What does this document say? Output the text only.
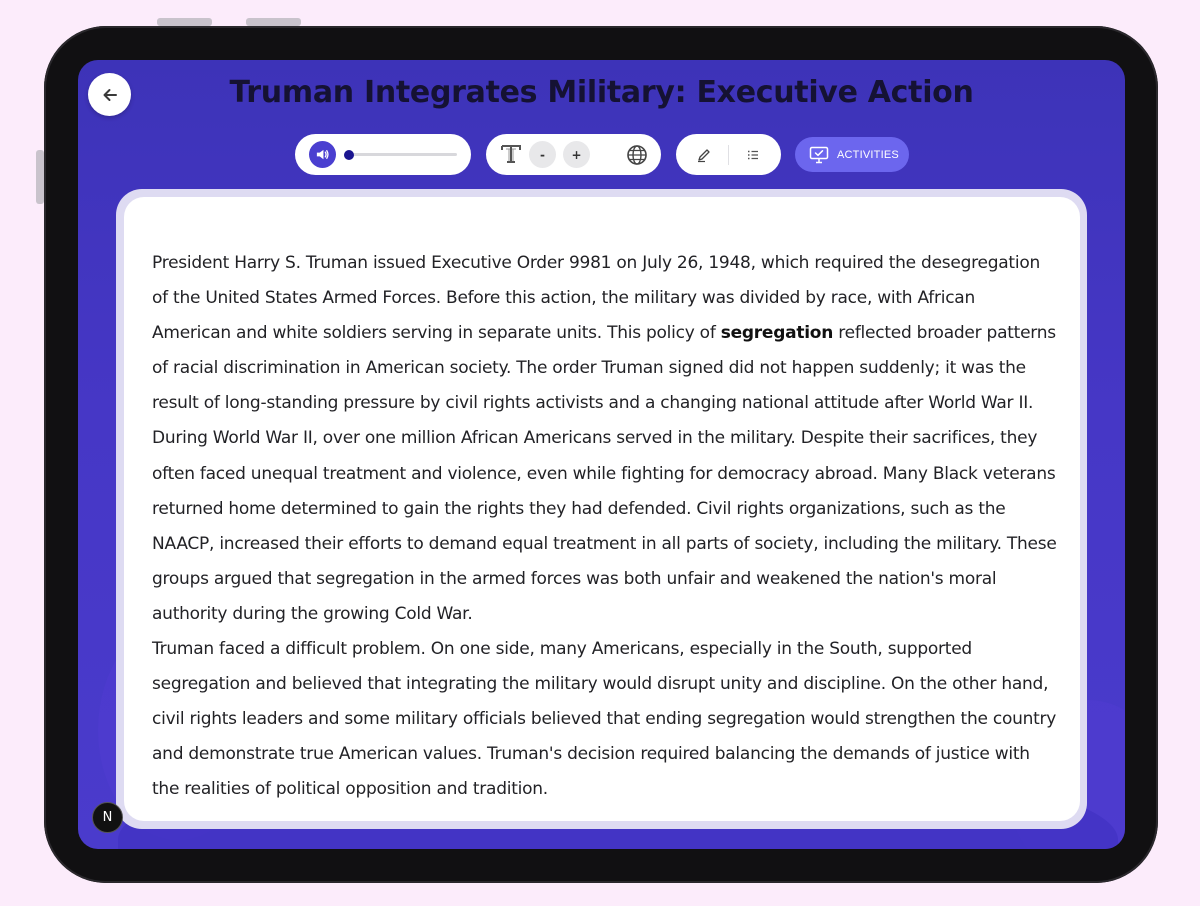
Truman Integrates Military: Executive Action
-	+	ACTIVITIES

President Harry S. Truman issued Executive Order 9981 on July 26, 1948, which required the desegregation of the United States Armed Forces. Before this action, the military was divided by race, with African American and white soldiers serving in separate units. This policy of segregation reflected broader patterns of racial discrimination in American society. The order Truman signed did not happen suddenly; it was the result of long-standing pressure by civil rights activists and a changing national attitude after World War II.

During World War II, over one million African Americans served in the military. Despite their sacrifices, they often faced unequal treatment and violence, even while fighting for democracy abroad. Many Black veterans returned home determined to gain the rights they had defended. Civil rights organizations, such as the NAACP, increased their efforts to demand equal treatment in all parts of society, including the military. These groups argued that segregation in the armed forces was both unfair and weakened the nation's moral authority during the growing Cold War.

Truman faced a difficult problem. On one side, many Americans, especially in the South, supported segregation and believed that integrating the military would disrupt unity and discipline. On the other hand, civil rights leaders and some military officials believed that ending segregation would strengthen the country and demonstrate true American values. Truman's decision required balancing the demands of justice with the realities of political opposition and tradition.

N
